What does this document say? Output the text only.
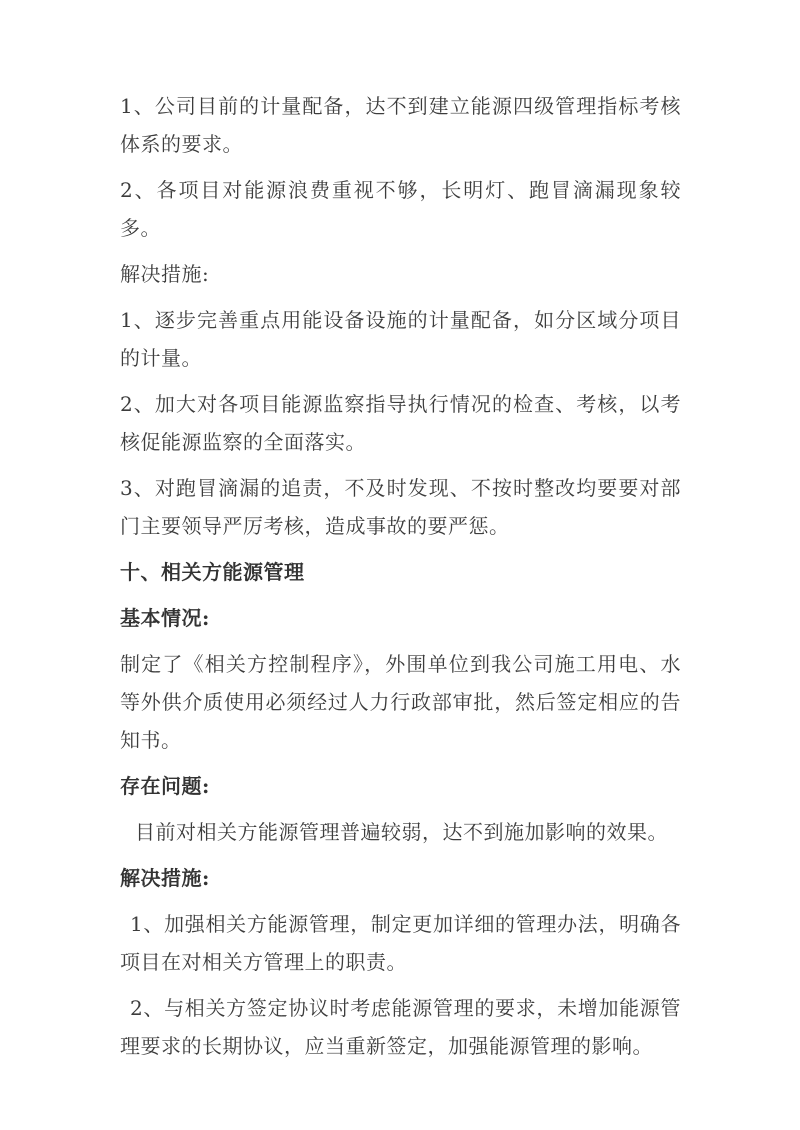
1、公司目前的计量配备，达不到建立能源四级管理指标考核体系的要求。

2、各项目对能源浪费重视不够，长明灯、跑冒滴漏现象较多。

解决措施:

1、逐步完善重点用能设备设施的计量配备，如分区域分项目的计量。

2、加大对各项目能源监察指导执行情况的检查、考核，以考核促能源监察的全面落实。

3、对跑冒滴漏的追责，不及时发现、不按时整改均要要对部门主要领导严厉考核，造成事故的要严惩。

十、相关方能源管理

基本情况:

制定了《相关方控制程序》，外围单位到我公司施工用电、水等外供介质使用必须经过人力行政部审批，然后签定相应的告知书。

存在问题:

目前对相关方能源管理普遍较弱，达不到施加影响的效果。

解决措施:

1、加强相关方能源管理，制定更加详细的管理办法，明确各项目在对相关方管理上的职责。

2、与相关方签定协议时考虑能源管理的要求，未增加能源管理要求的长期协议，应当重新签定，加强能源管理的影响。
